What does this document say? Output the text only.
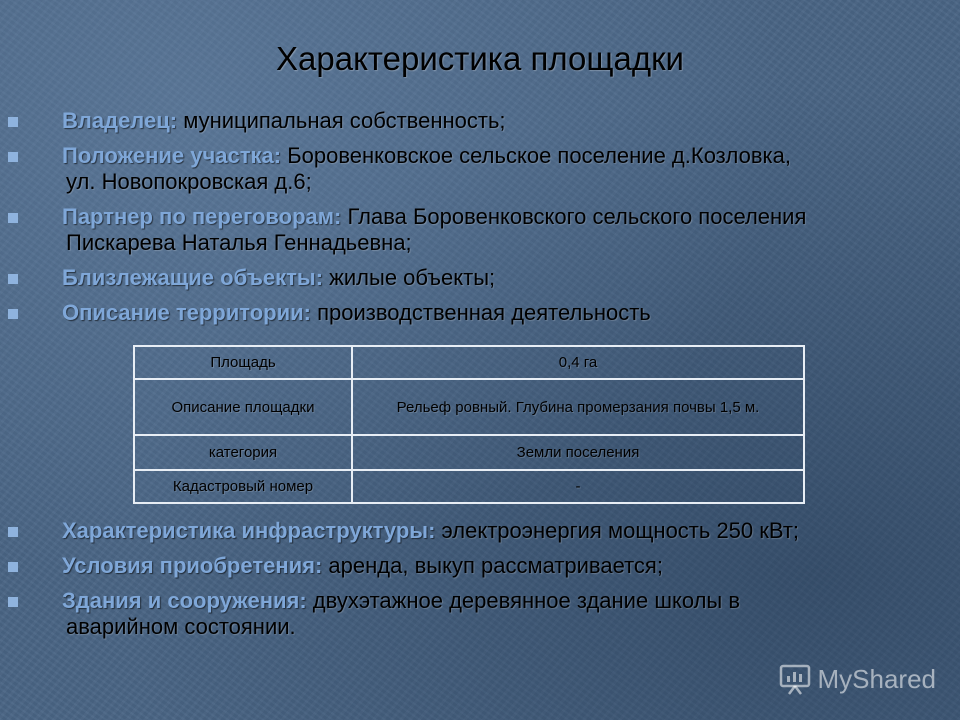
Характеристика площадки
Владелец: муниципальная собственность;
Положение участка: Боровенковское сельское поселение д.Козловка,
ул. Новопокровская д.6;
Партнер по переговорам: Глава Боровенковского сельского поселения
Пискарева Наталья Геннадьевна;
Близлежащие объекты: жилые объекты;
Описание территории: производственная деятельность
Площадь	0,4 га
Описание площадки	Рельеф ровный. Глубина промерзания почвы 1,5 м.
категория	Земли поселения
Кадастровый номер	-
Характеристика инфраструктуры: электроэнергия мощность 250 кВт;
Условия приобретения: аренда, выкуп рассматривается;
Здания и сооружения: двухэтажное деревянное здание школы в
аварийном состоянии.
MyShared
